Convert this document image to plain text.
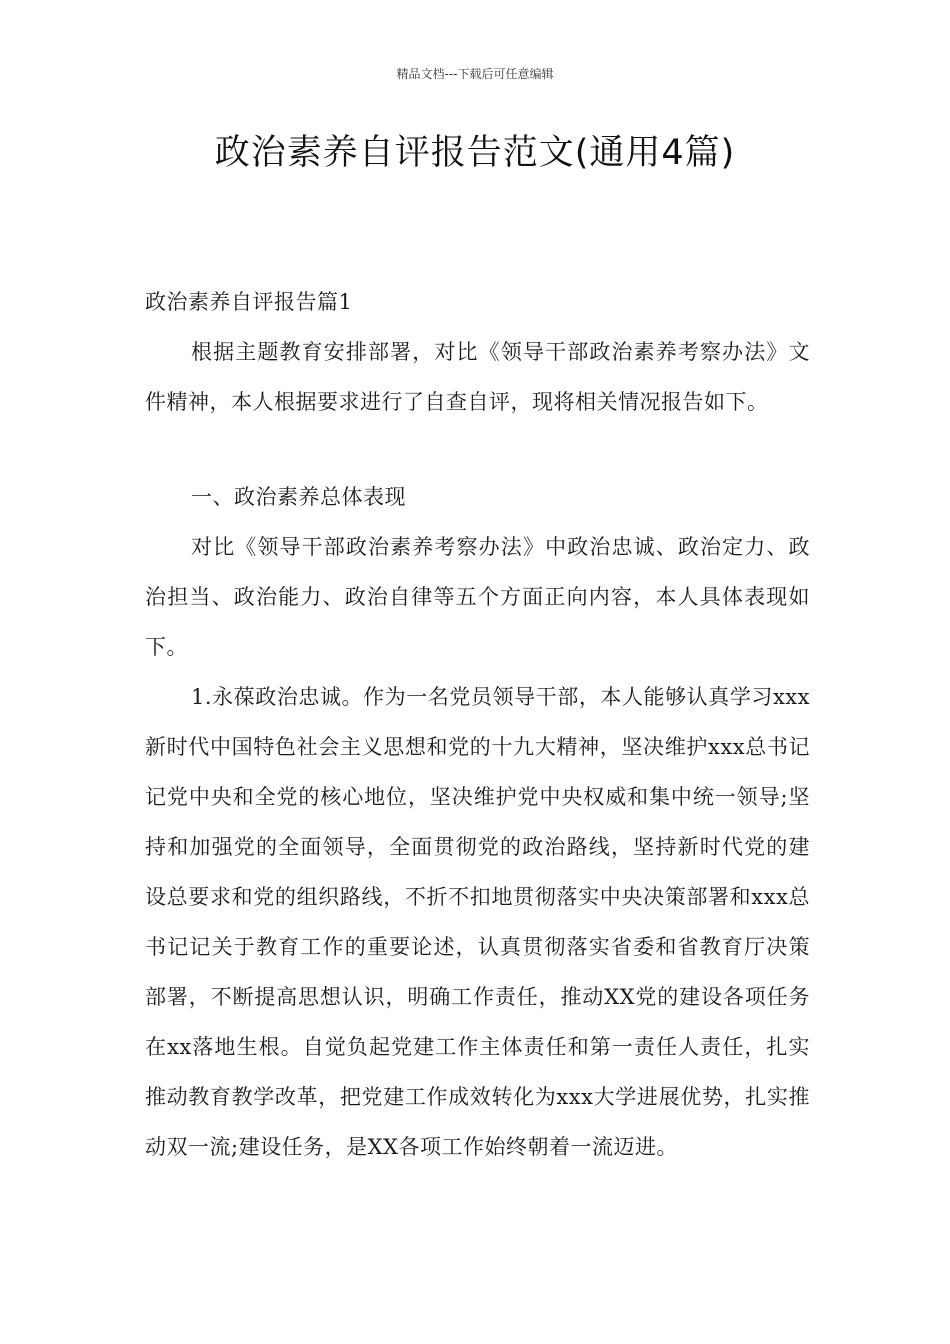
精品文档---下载后可任意编辑
政治素养自评报告范文(通用4篇)

政治素养自评报告篇1

根据主题教育安排部署，对比《领导干部政治素养考察办法》文件精神，本人根据要求进行了自查自评，现将相关情况报告如下。

一、政治素养总体表现

对比《领导干部政治素养考察办法》中政治忠诚、政治定力、政治担当、政治能力、政治自律等五个方面正向内容，本人具体表现如下。

1.永葆政治忠诚。作为一名党员领导干部，本人能够认真学习xxx新时代中国特色社会主义思想和党的十九大精神，坚决维护xxx总书记记党中央和全党的核心地位，坚决维护党中央权威和集中统一领导;坚持和加强党的全面领导，全面贯彻党的政治路线，坚持新时代党的建设总要求和党的组织路线，不折不扣地贯彻落实中央决策部署和xxx总书记记关于教育工作的重要论述，认真贯彻落实省委和省教育厅决策部署，不断提高思想认识，明确工作责任，推动XX党的建设各项任务在xx落地生根。自觉负起党建工作主体责任和第一责任人责任，扎实推动教育教学改革，把党建工作成效转化为xxx大学进展优势，扎实推动双一流;建设任务，是XX各项工作始终朝着一流迈进。
